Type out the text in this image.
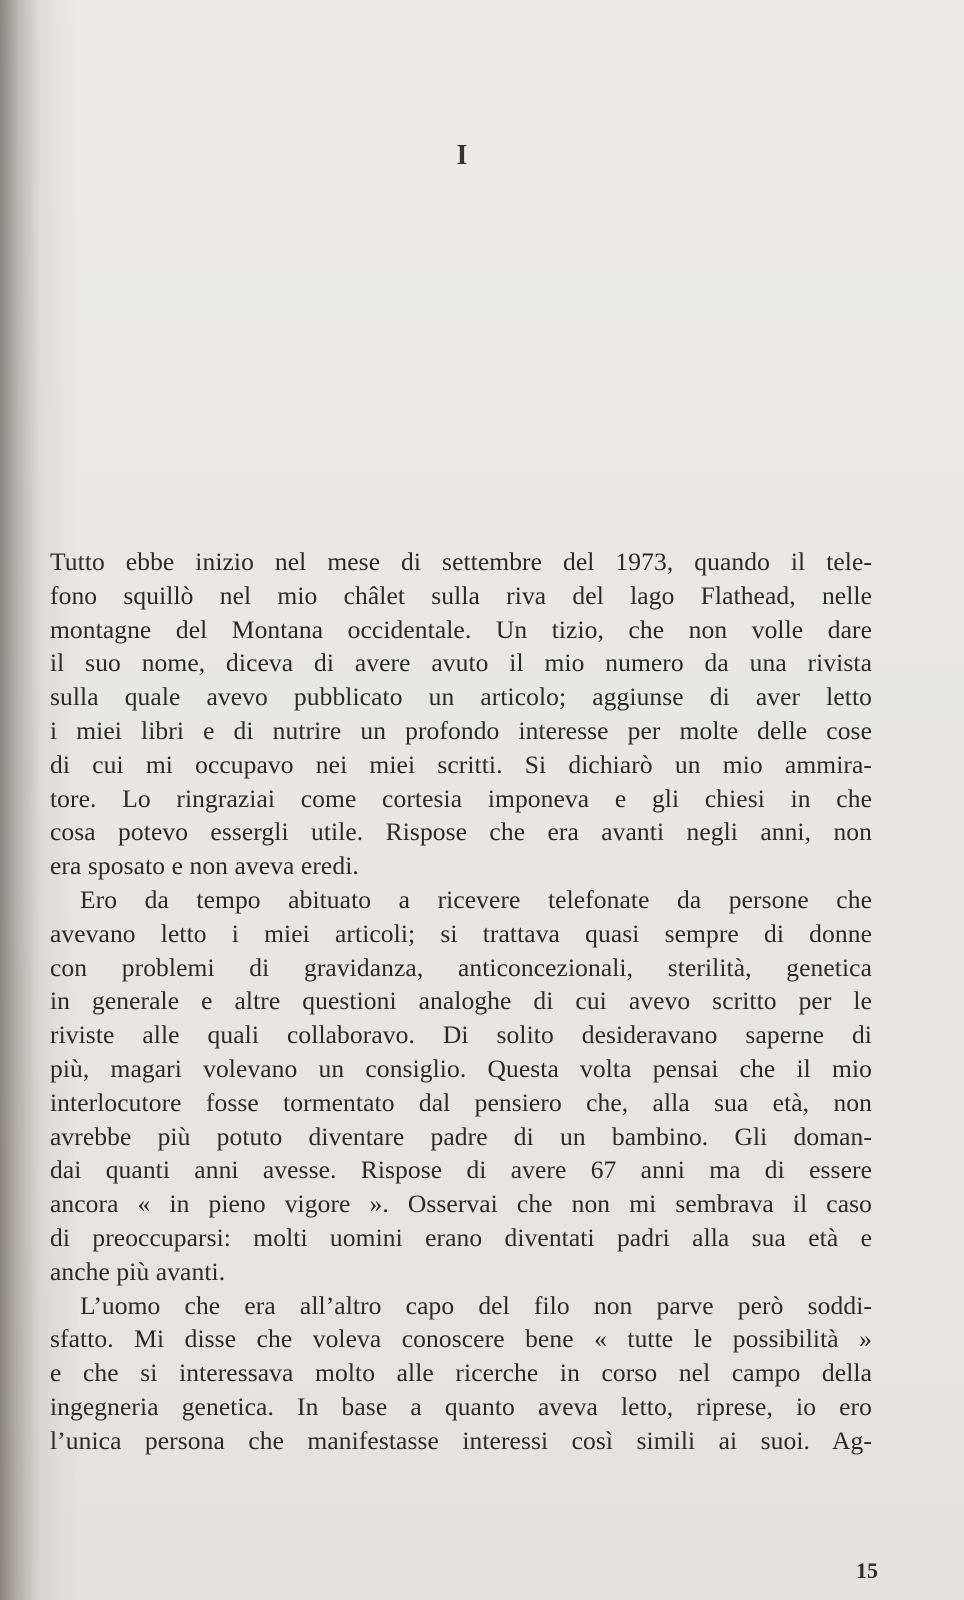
I
Tutto ebbe inizio nel mese di settembre del 1973, quando il tele-
fono squillò nel mio châlet sulla riva del lago Flathead, nelle
montagne del Montana occidentale. Un tizio, che non volle dare
il suo nome, diceva di avere avuto il mio numero da una rivista
sulla quale avevo pubblicato un articolo; aggiunse di aver letto
i miei libri e di nutrire un profondo interesse per molte delle cose
di cui mi occupavo nei miei scritti. Si dichiarò un mio ammira-
tore. Lo ringraziai come cortesia imponeva e gli chiesi in che
cosa potevo essergli utile. Rispose che era avanti negli anni, non
era sposato e non aveva eredi.
Ero da tempo abituato a ricevere telefonate da persone che
avevano letto i miei articoli; si trattava quasi sempre di donne
con problemi di gravidanza, anticoncezionali, sterilità, genetica
in generale e altre questioni analoghe di cui avevo scritto per le
riviste alle quali collaboravo. Di solito desideravano saperne di
più, magari volevano un consiglio. Questa volta pensai che il mio
interlocutore fosse tormentato dal pensiero che, alla sua età, non
avrebbe più potuto diventare padre di un bambino. Gli doman-
dai quanti anni avesse. Rispose di avere 67 anni ma di essere
ancora « in pieno vigore ». Osservai che non mi sembrava il caso
di preoccuparsi: molti uomini erano diventati padri alla sua età e
anche più avanti.
L’uomo che era all’altro capo del filo non parve però soddi-
sfatto. Mi disse che voleva conoscere bene « tutte le possibilità »
e che si interessava molto alle ricerche in corso nel campo della
ingegneria genetica. In base a quanto aveva letto, riprese, io ero
l’unica persona che manifestasse interessi così simili ai suoi. Ag-
15
